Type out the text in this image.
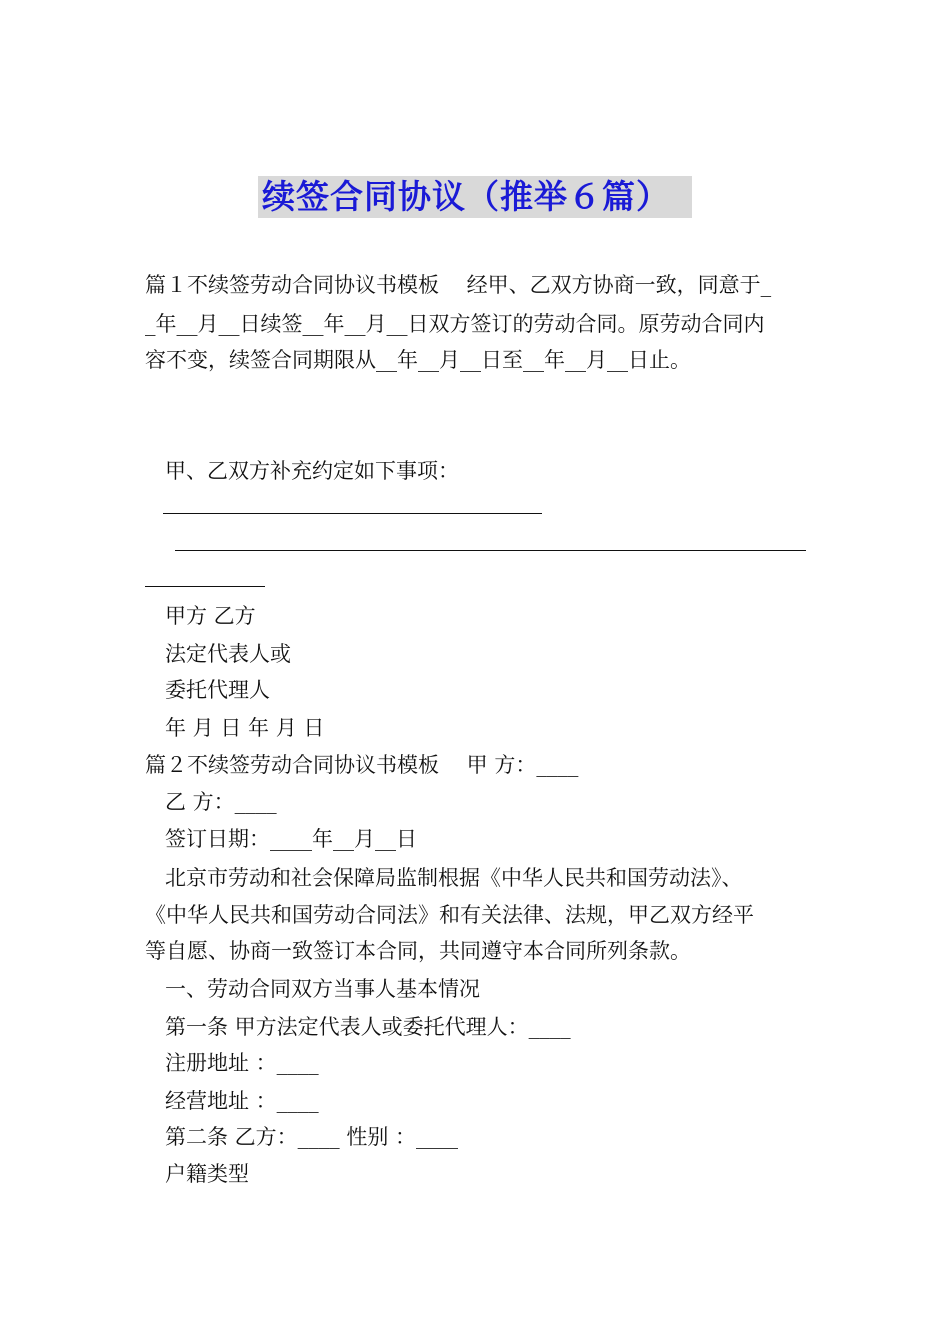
续签合同协议（推举６篇）
篇１不续签劳动合同协议书模板　 经甲、乙双方协商一致，同意于_
_年__月__日续签__年__月__日双方签订的劳动合同。原劳动合同内
容不变，续签合同期限从__年__月__日至__年__月__日止。
甲、乙双方补充约定如下事项：
甲方 乙方
法定代表人或
委托代理人
年 月 日 年 月 日
篇２不续签劳动合同协议书模板　 甲 方：____
乙 方：____
签订日期：____年__月__日
北京市劳动和社会保障局监制根据《中华人民共和国劳动法》、
《中华人民共和国劳动合同法》和有关法律、法规，甲乙双方经平
等自愿、协商一致签订本合同，共同遵守本合同所列条款。
一、劳动合同双方当事人基本情况
第一条 甲方法定代表人或委托代理人：____
注册地址 ：____
经营地址 ：____
第二条 乙方：____ 性别 ：____
户籍类型
